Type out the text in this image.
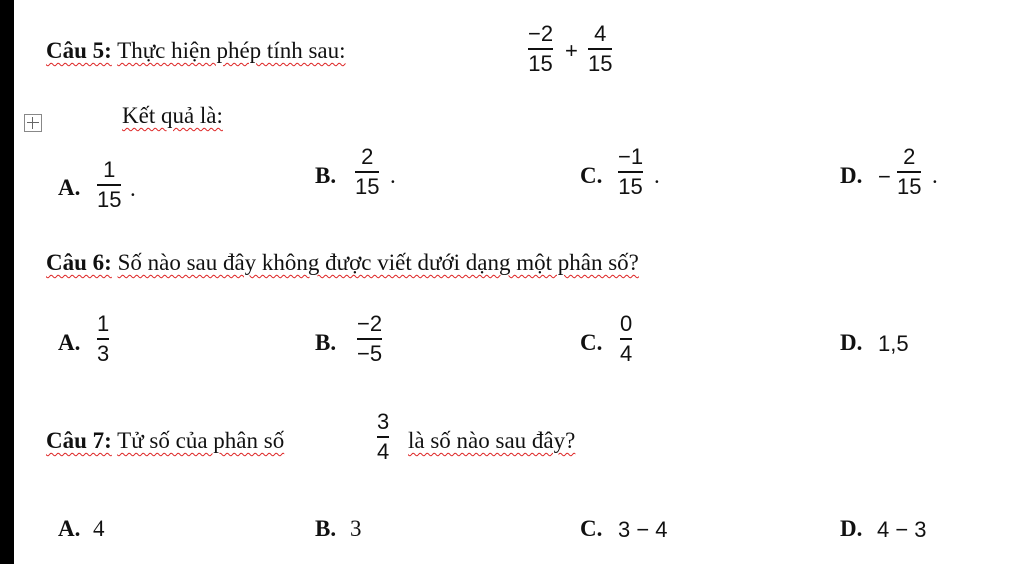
Câu 5: Thực hiện phép tính sau:
−2
15 +
4
15
Kết quả là:
A.
1
15 .
B.
2
15 .	C.
−1
15 .	D. −
2
15 .
Câu 6: Số nào sau đây không được viết dưới dạng một phân số?
A.
1
3	B.
−2
−5	C.
0
4	D. 1,5
Câu 7: Tử số của phân số
3
4 là số nào sau đây?
A. 4	B. 3	C. 3 − 4	D. 4 − 3
